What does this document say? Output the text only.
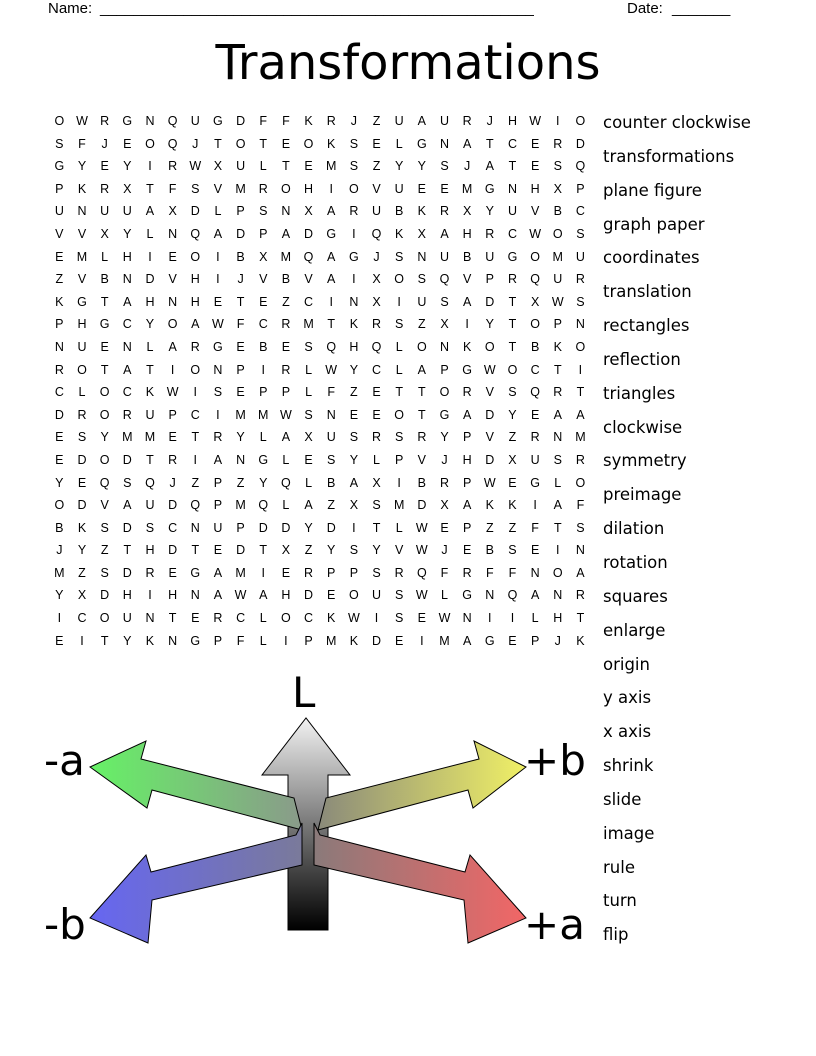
Name: ____________________________________________________	Date: _______
Transformations
O W R	G	N	Q	U	G	D	F	F	K	R	J	Z	U	A	U	R	J	H W	I	O
S	F	J	E	O	Q	J	T	O	T	E	O	K	S	E	L	G	N	A	T	C	E	R	D
G	Y	E	Y	I	R W	X	U	L	T	E	M	S	Z	Y	Y	S	J	A	T	E	S	Q
P	K	R	X	T	F	S	V	M	R	O	H	I	O	V	U	E	E	M	G	N	H	X	P
U	N	U	U	A	X	D	L	P	S	N	X	A	R	U	B	K	R	X	Y	U	V	B	C
V	V	X	Y	L	N	Q	A	D	P	A	D	G	I	Q	K	X	A	H	R	C W O	S
E	M	L	H	I	E	O	I	B	X	M	Q	A	G	J	S	N	U	B	U	G	O	M	U
Z	V	B	N	D	V	H	I	J	V	B	V	A	I	X	O	S	Q	V	P	R	Q	U	R
K	G	T	A	H	N	H	E	T	E	Z	C	I	N	X	I	U	S	A	D	T	X	W	S
P	H	G	C	Y	O	A	W	F	C	R	M	T	K	R	S	Z	X	I	Y	T	O	P	N
N	U	E	N	L	A	R	G	E	B	E	S	Q	H	Q	L	O	N	K	O	T	B	K	O
R	O	T	A	T	I	O	N	P	I	R	L	W	Y	C	L	A	P	G W O	C	T	I
C	L	O	C	K	W	I	S	E	P	P	L	F	Z	E	T	T	O	R	V	S	Q	R	T
D	R	O	R	U	P	C	I	M M W	S	N	E	E	O	T	G	A	D	Y	E	A	A
E	S	Y	M M	E	T	R	Y	L	A	X	U	S	R	S	R	Y	P	V	Z	R	N	M
E	D	O	D	T	R	I	A	N	G	L	E	S	Y	L	P	V	J	H	D	X	U	S	R
Y	E	Q	S	Q	J	Z	P	Z	Y	Q	L	B	A	X	I	B	R	P	W	E	G	L	O
O	D	V	A	U	D	Q	P	M	Q	L	A	Z	X	S	M	D	X	A	K	K	I	A	F
B	K	S	D	S	C	N	U	P	D	D	Y	D	I	T	L	W	E	P	Z	Z	F	T	S
J	Y	Z	T	H	D	T	E	D	T	X	Z	Y	S	Y	V	W	J	E	B	S	E	I	N
M	Z	S	D	R	E	G	A	M	I	E	R	P	P	S	R	Q	F	R	F	F	N	O	A
Y	X	D	H	I	H	N	A	W	A	H	D	E	O	U	S	W	L	G	N	Q	A	N	R
I	C	O	U	N	T	E	R	C	L	O	C	K	W	I	S	E	W N	I	I	L	H	T
E	I	T	Y	K	N	G	P	F	L	I	P	M	K	D	E	I	M	A	G	E	P	J	K
counter clockwise
transformations
plane figure
graph paper
coordinates
translation
rectangles
reflection
triangles
clockwise
symmetry
preimage
dilation
rotation
squares
enlarge
origin
y axis
x axis
shrink
slide
image
rule
turn
flip
L
-a	+b
-b	+a
